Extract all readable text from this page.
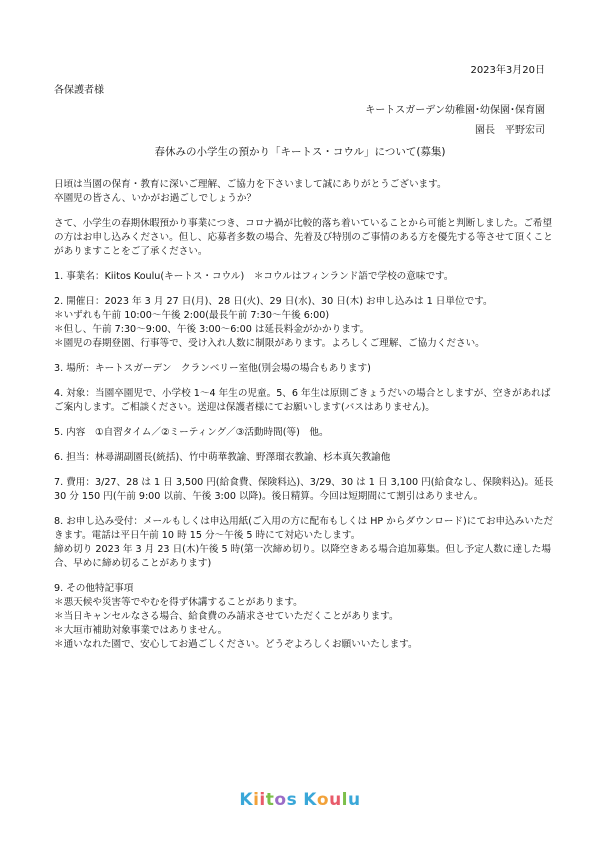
2023年3月20日
各保護者様
キートスガーデン幼稚園･幼保園･保育園
園長　平野宏司
春休みの小学生の預かり「キートス・コウル」について(募集)

日頃は当園の保育・教育に深いご理解、ご協力を下さいまして誠にありがとうございます。

卒園児の皆さん、いかがお過ごしでしょうか？

さて、小学生の春期休暇預かり事業につき、コロナ禍が比較的落ち着いていることから可能と判断しました。ご希望の方はお申し込みください。但し、応募者多数の場合、先着及び特別のご事情のある方を優先する等させて頂くことがありますことをご了承ください。

1. 事業名：Kiitos Koulu(キートス・コウル)　＊コウルはフィンランド語で学校の意味です。

2. 開催日：2023 年 3 月 27 日(月)、28 日(火)、29 日(水)、30 日(木) お申し込みは 1 日単位です。

＊いずれも午前 10:00～午後 2:00(最長午前 7:30～午後 6:00)

＊但し、午前 7:30～9:00、午後 3:00～6:00 は延長料金がかかります。

＊園児の春期登園、行事等で、受け入れ人数に制限があります。よろしくご理解、ご協力ください。

3. 場所：キートスガーデン　クランベリー室他(別会場の場合もあります)

4. 対象：当園卒園児で、小学校 1～4 年生の児童。5、6 年生は原則ごきょうだいの場合としますが、空きがあればご案内します。ご相談ください。送迎は保護者様にてお願いします(バスはありません)。

5. 内容　①自習タイム／②ミーティング／③活動時間(等)　他。

6. 担当：林尋湖副園長(統括)、竹中萌華教諭、野澤瑠衣教諭、杉本真矢教諭他

7. 費用：3/27、28 は 1 日 3,500 円(給食費、保険料込)、3/29、30 は 1 日 3,100 円(給食なし、保険料込)。延長 30 分 150 円(午前 9:00 以前、午後 3:00 以降)。後日精算。今回は短期間にて割引はありません。

8. お申し込み受付：メールもしくは申込用紙(ご入用の方に配布もしくは HP からダウンロード)にてお申込みいただきます。電話は平日午前 10 時 15 分～午後 5 時にて対応いたします。

締め切り 2023 年 3 月 23 日(木)午後 5 時(第一次締め切り。以降空きある場合追加募集。但し予定人数に達した場合、早めに締め切ることがあります)

9. その他特記事項

＊悪天候や災害等でやむを得ず休講することがあります。

＊当日キャンセルなさる場合、給食費のみ請求させていただくことがあります。

＊大垣市補助対象事業ではありません。

＊通いなれた園で、安心してお過ごしください。どうぞよろしくお願いいたします。

Kiitos Koulu
